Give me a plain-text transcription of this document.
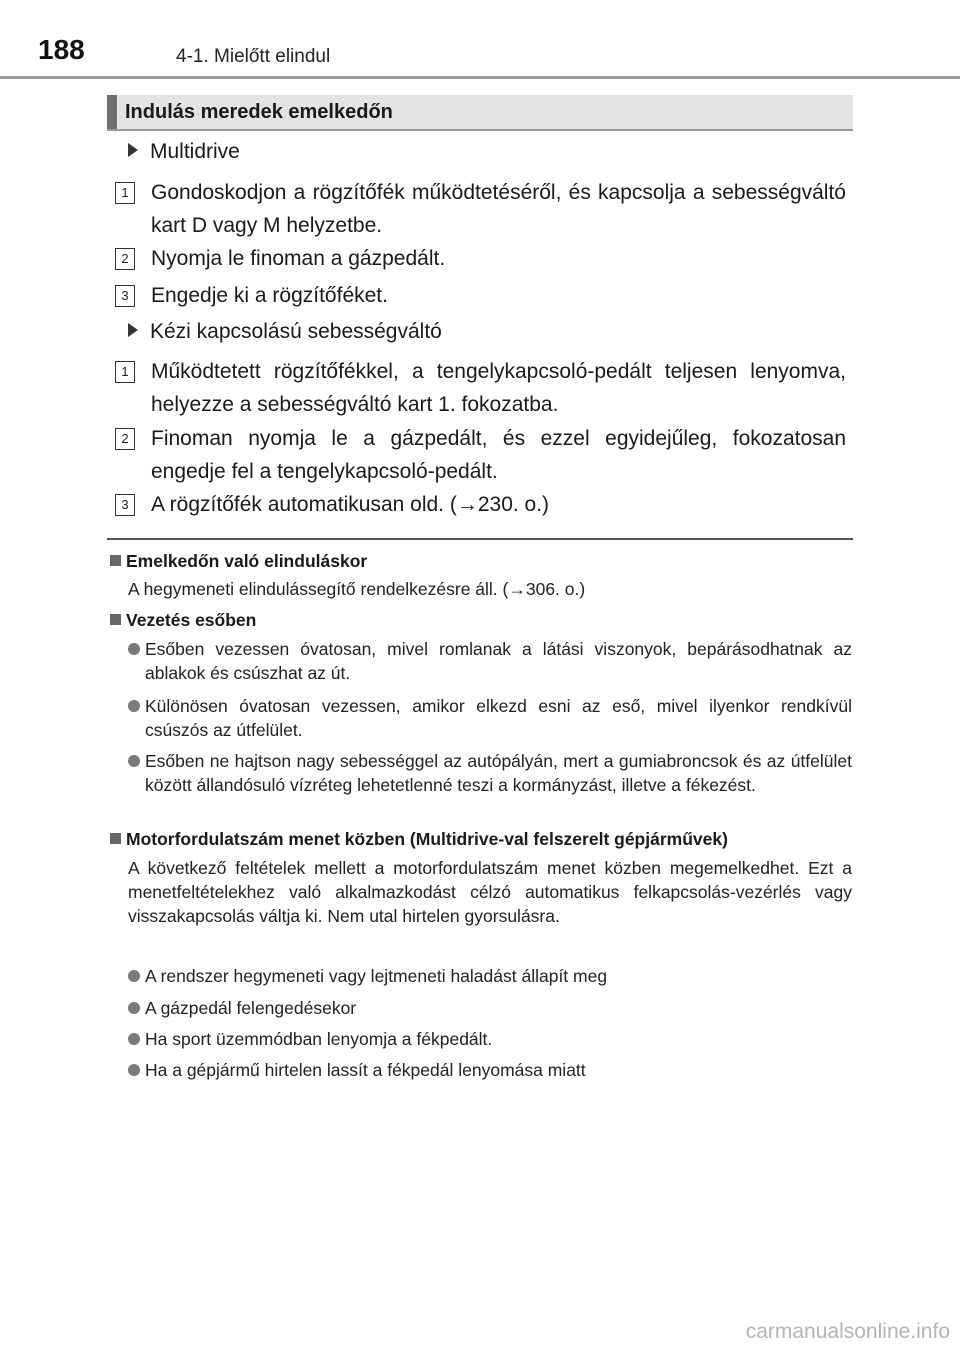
188	4-1. Mielőtt elindul
Indulás meredek emelkedőn
Multidrive
1	Gondoskodjon a rögzítőfék működtetéséről, és kapcsolja a sebességváltó kart D vagy M helyzetbe.
2	Nyomja le finoman a gázpedált.
3	Engedje ki a rögzítőféket.
Kézi kapcsolású sebességváltó
1	Működtetett rögzítőfékkel, a tengelykapcsoló-pedált teljesen lenyomva, helyezze a sebességváltó kart 1. fokozatba.
2	Finoman nyomja le a gázpedált, és ezzel egyidejűleg, fokozatosan engedje fel a tengelykapcsoló-pedált.
3	A rögzítőfék automatikusan old. (→230. o.)
Emelkedőn való elinduláskor
A hegymeneti elindulássegítő rendelkezésre áll. (→306. o.)
Vezetés esőben
Esőben vezessen óvatosan, mivel romlanak a látási viszonyok, bepárásodhatnak az ablakok és csúszhat az út.
Különösen óvatosan vezessen, amikor elkezd esni az eső, mivel ilyenkor rendkívül csúszós az útfelület.
Esőben ne hajtson nagy sebességgel az autópályán, mert a gumiabroncsok és az útfelület között állandósuló vízréteg lehetetlenné teszi a kormányzást, illetve a fékezést.
Motorfordulatszám menet közben (Multidrive-val felszerelt gépjárművek)
A következő feltételek mellett a motorfordulatszám menet közben megemelkedhet. Ezt a menetfeltételekhez való alkalmazkodást célzó automatikus felkapcsolás-vezérlés vagy visszakapcsolás váltja ki. Nem utal hirtelen gyorsulásra.
A rendszer hegymeneti vagy lejtmeneti haladást állapít meg
A gázpedál felengedésekor
Ha sport üzemmódban lenyomja a fékpedált.
Ha a gépjármű hirtelen lassít a fékpedál lenyomása miatt
carmanualsonline.info
